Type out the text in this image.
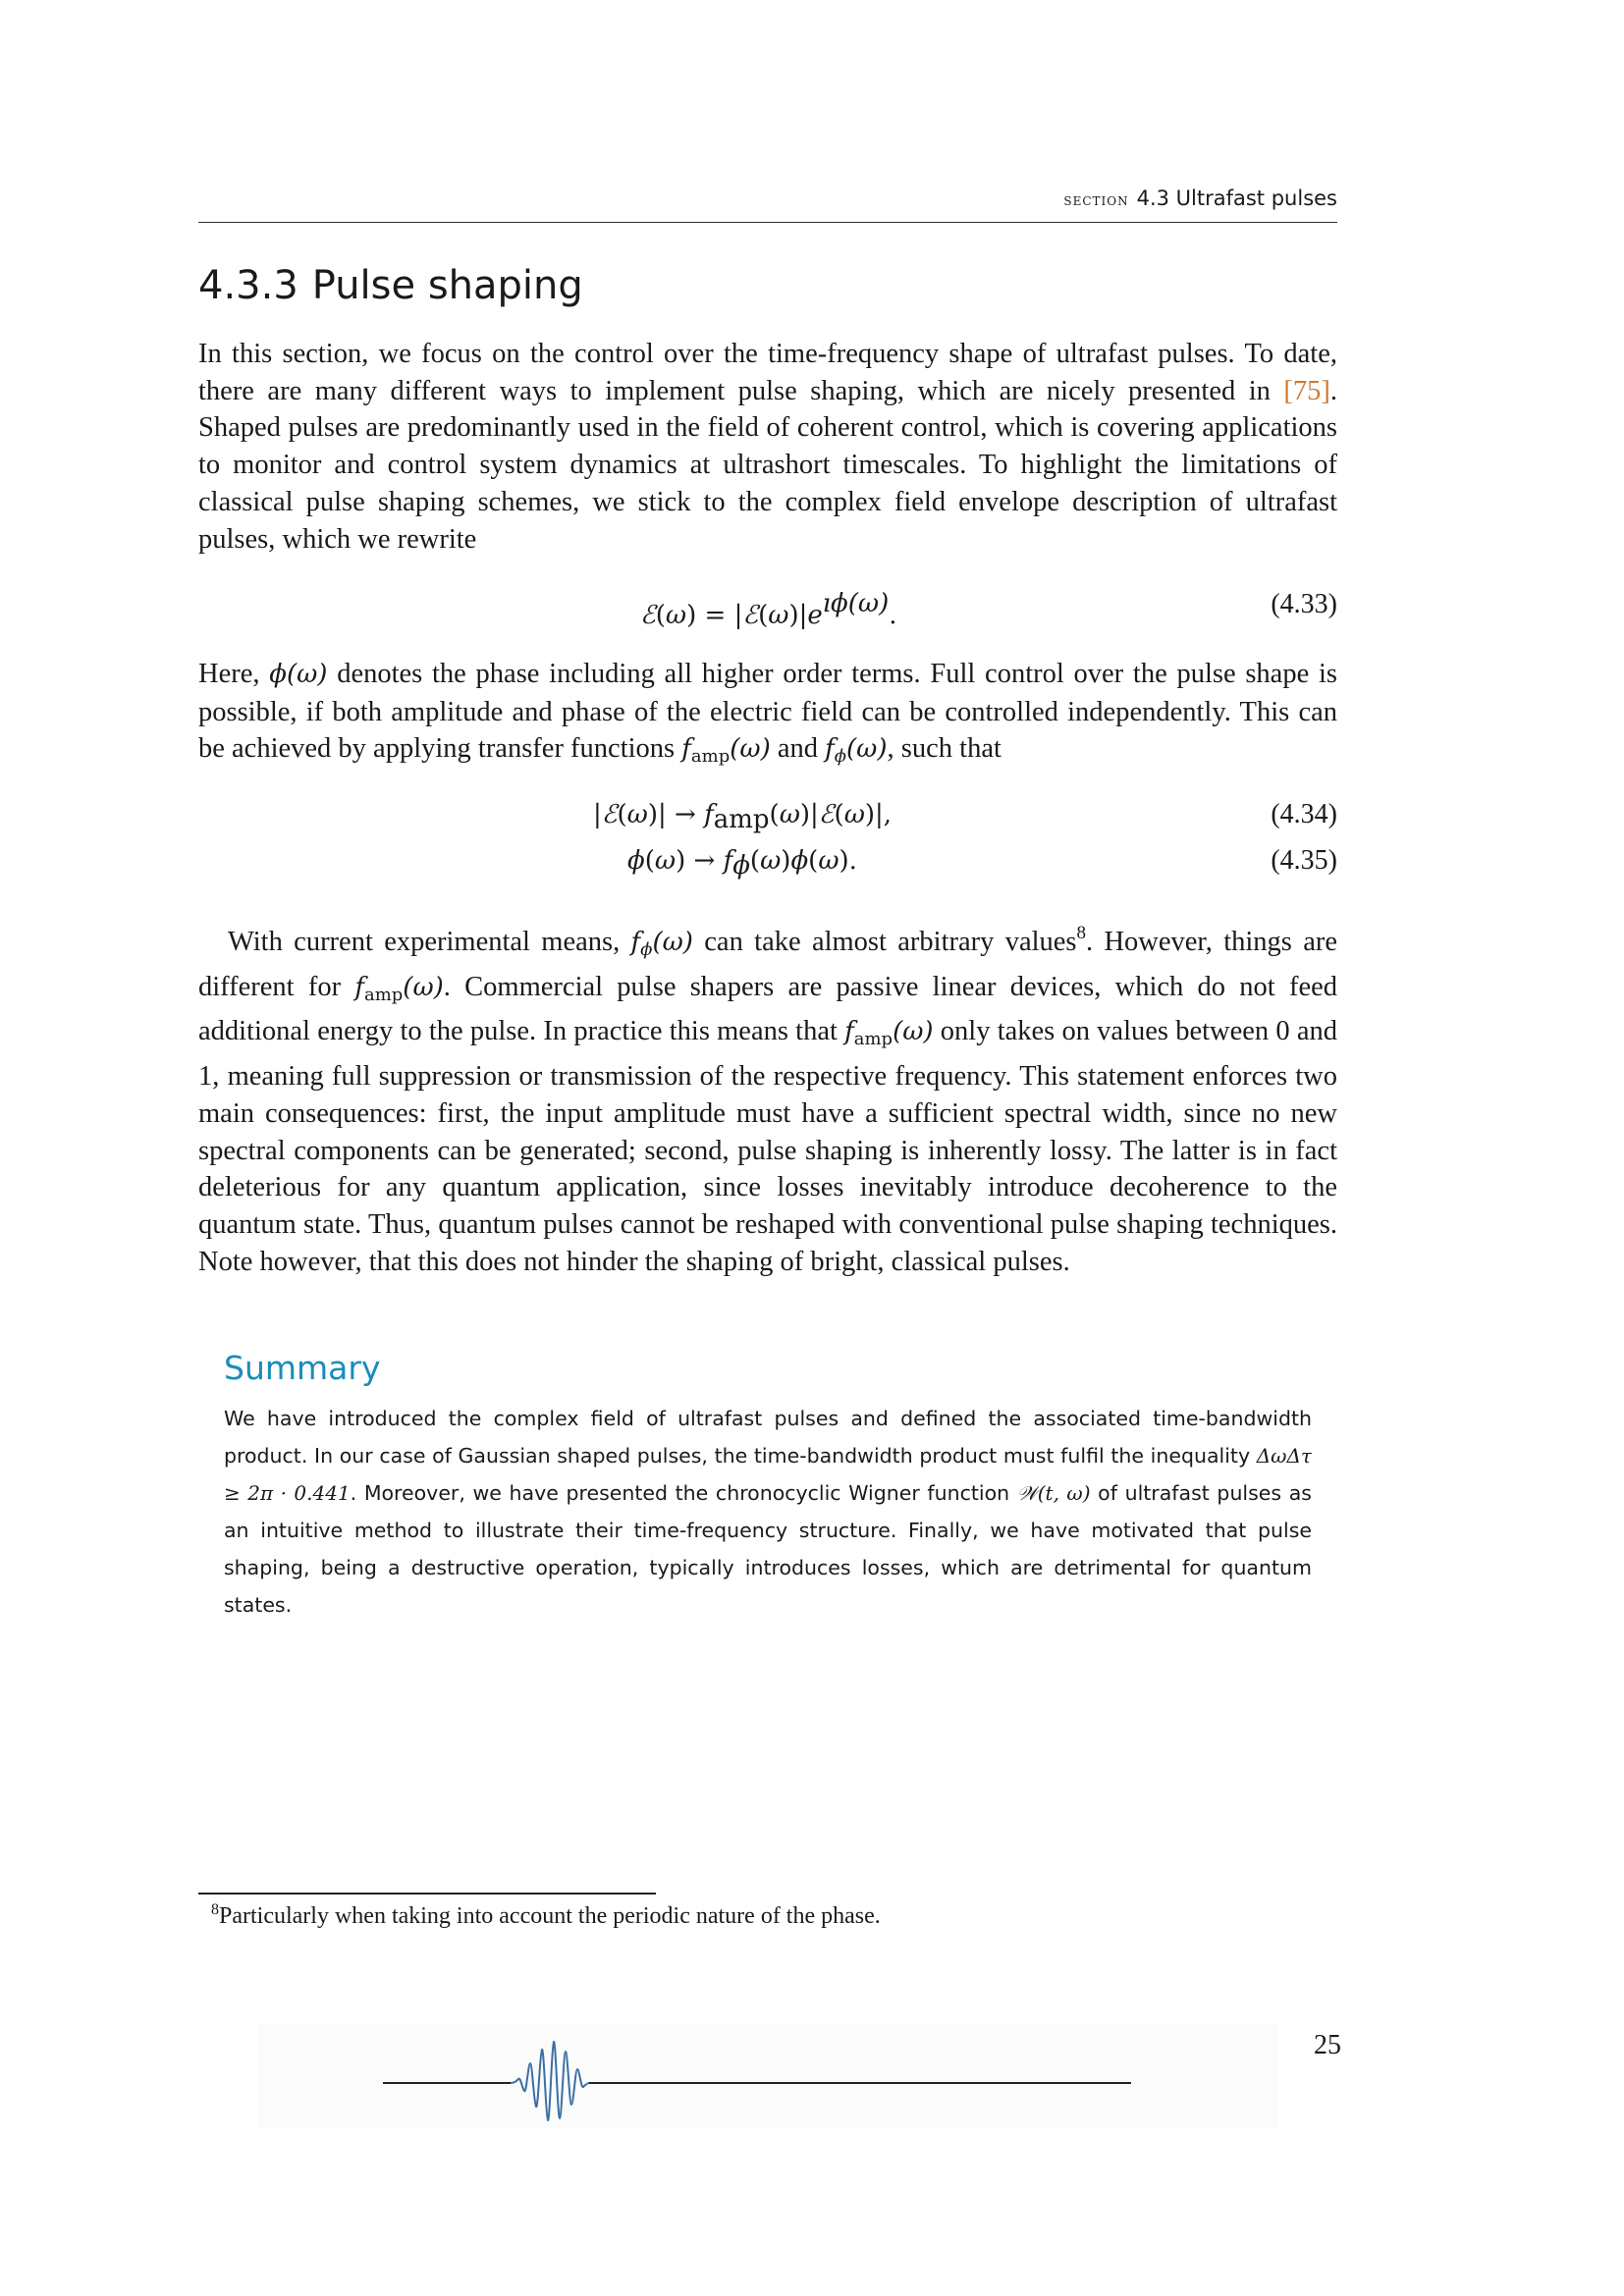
section 4.3 Ultrafast pulses
4.3.3 Pulse shaping

In this section, we focus on the control over the time-frequency shape of ultrafast pulses. To date, there are many different ways to implement pulse shaping, which are nicely presented in [75]. Shaped pulses are predominantly used in the field of coherent control, which is covering applications to monitor and control system dynamics at ultrashort timescales. To highlight the limitations of classical pulse shaping schemes, we stick to the complex field envelope description of ultrafast pulses, which we rewrite

ℰ(ω) = |ℰ(ω)|eıϕ(ω).	(4.33)

Here, ϕ(ω) denotes the phase including all higher order terms. Full control over the pulse shape is possible, if both amplitude and phase of the electric field can be controlled independently. This can be achieved by applying transfer functions $f_{amp}(\omega)$ and $f_\phi(\omega)$, such that

|ℰ(ω)| → famp(ω)|ℰ(ω)|,	(4.34)
ϕ(ω) → fϕ(ω)ϕ(ω).	(4.35)

With current experimental means, $f_\phi(\omega)$ can take almost arbitrary values$^8$. However, things are different for $f_{amp}(\omega)$. Commercial pulse shapers are passive linear devices, which do not feed additional energy to the pulse. In practice this means that $f_{amp}(\omega)$ only takes on values between 0 and 1, meaning full suppression or transmission of the respective frequency. This statement enforces two main consequences: first, the input amplitude must have a sufficient spectral width, since no new spectral components can be generated; second, pulse shaping is inherently lossy. The latter is in fact deleterious for any quantum application, since losses inevitably introduce decoherence to the quantum state. Thus, quantum pulses cannot be reshaped with conventional pulse shaping techniques. Note however, that this does not hinder the shaping of bright, classical pulses.

Summary

We have introduced the complex field of ultrafast pulses and defined the associated time-bandwidth product. In our case of Gaussian shaped pulses, the time-bandwidth product must fulfil the inequality ΔωΔτ ≥ 2π · 0.441. Moreover, we have presented the chronocyclic Wigner function 𝒲(t, ω) of ultrafast pulses as an intuitive method to illustrate their time-frequency structure. Finally, we have motivated that pulse shaping, being a destructive operation, typically introduces losses, which are detrimental for quantum states.

$^8$Particularly when taking into account the periodic nature of the phase.

25
